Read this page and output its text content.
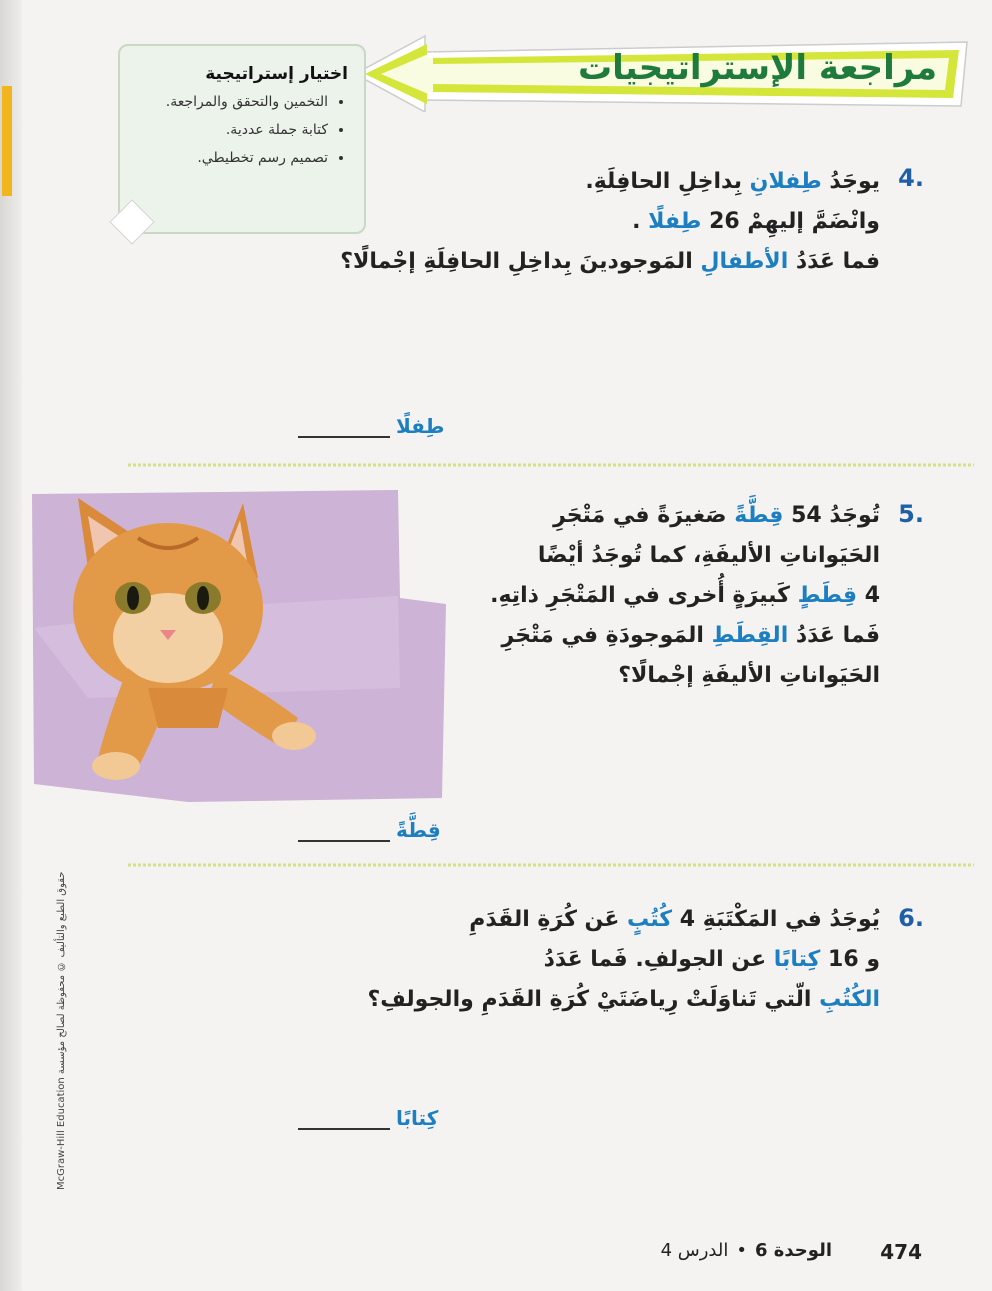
مراجعة الإستراتيجيات
اختيار إستراتيجية
• التخمين والتحقق والمراجعة.
• كتابة جملة عددية.
• تصميم رسم تخطيطي.
4.
يوجَدُ طِفلانِ بِداخِلِ الحافِلَةِ.
وانْضَمَّ إليهِمْ 26 طِفلًا .
فما عَدَدُ الأطفالِ المَوجودينَ بِداخِلِ الحافِلَةِ إجْمالًا؟
طِفلًا
5.
تُوجَدُ 54 قِطَّةً صَغيرَةً في مَتْجَرِ
الحَيَواناتِ الأليفَةِ، كما تُوجَدُ أيْضًا
4 قِطَطٍ كَبيرَةٍ أُخرى في المَتْجَرِ ذاتِهِ.
فَما عَدَدُ القِطَطِ المَوجودَةِ في مَتْجَرِ
الحَيَواناتِ الأليفَةِ إجْمالًا؟
قِطَّةً
6.
يُوجَدُ في المَكْتَبَةِ 4 كُتُبٍ عَن كُرَةِ القَدَمِ
و 16 كِتابًا عن الجولفِ. فَما عَدَدُ
الكُتُبِ الّتي تَناوَلَتْ رِياضَتَيْ كُرَةِ القَدَمِ والجولفِ؟
كِتابًا
McGraw-Hill Education حقوق الطبع والتأليف © محفوظة لصالح مؤسسة
474
الوحدة 6
•
الدرس 4
